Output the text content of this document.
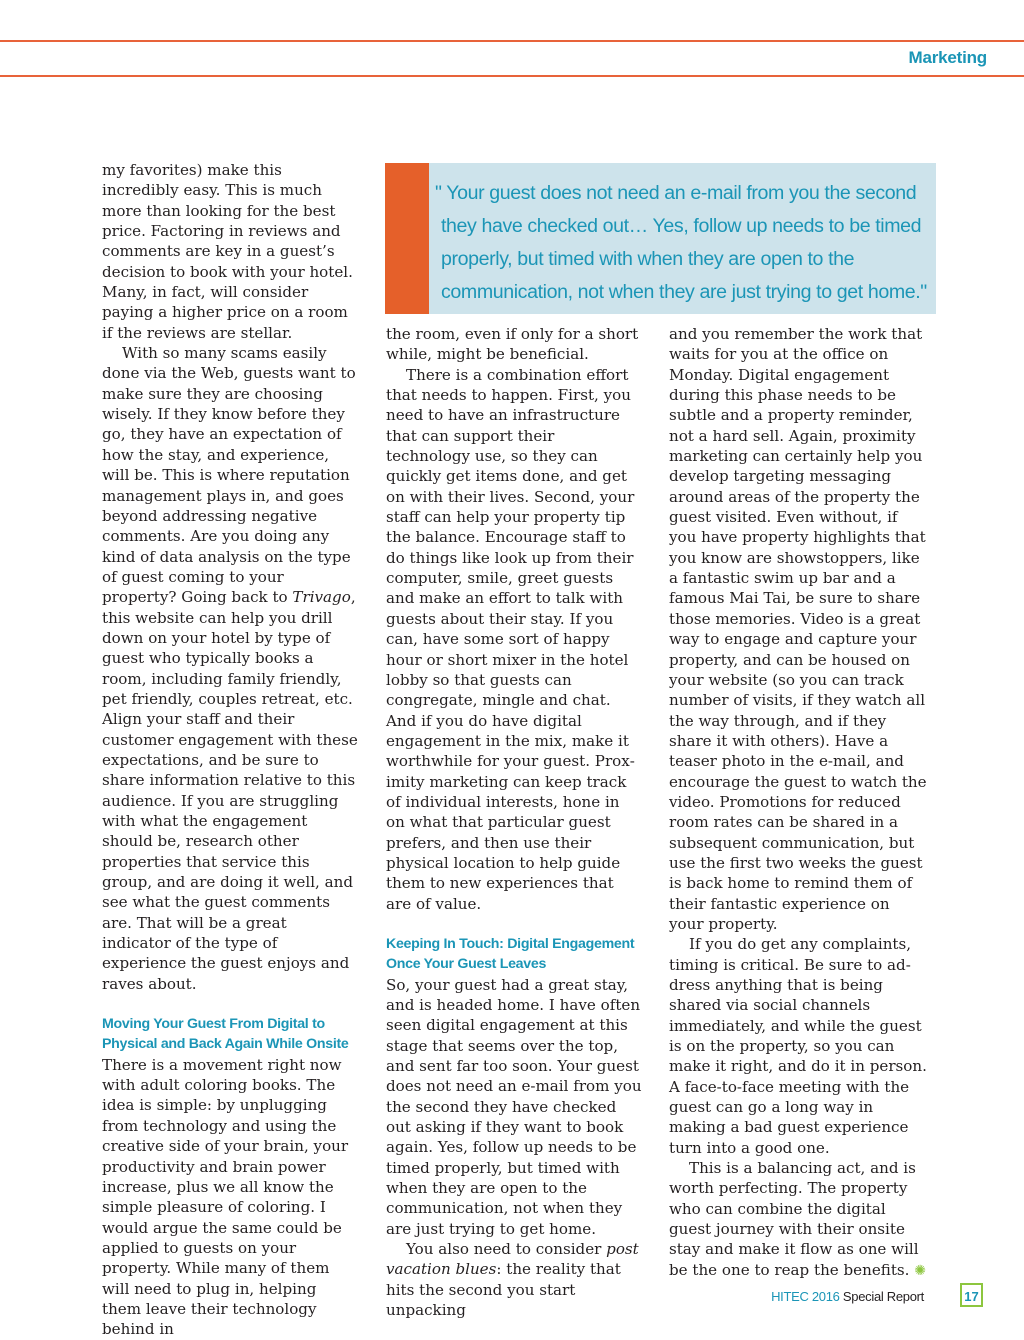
Marketing
" Your guest does not need an e-mail from you the second
they have checked out… Yes, follow up needs to be timed
properly, but timed with when they are open to the
communication, not when they are just trying to get home."

my favorites) make this incredibly easy. This is much more than looking for the best price. Factoring in reviews and comments are key in a guest’s decision to book with your hotel. Many, in fact, will consider paying a higher price on a room if the reviews are stellar.

With so many scams easily done via the Web, guests want to make sure they are choosing wisely. If they know before they go, they have an expectation of how the stay, and experience, will be. This is where reputation management plays in, and goes beyond addressing negative comments. Are you doing any kind of data analysis on the type of guest coming to your property? Going back to Trivago, this website can help you drill down on your hotel by type of guest who typically books a room, including family friendly, pet friendly, couples retreat, etc. Align your staff and their customer engagement with these expectations, and be sure to share information relative to this audience. If you are struggling with what the engagement should be, research other properties that service this group, and are doing it well, and see what the guest comments are. That will be a great indicator of the type of experience the guest enjoys and raves about.

Moving Your Guest From Digital to Physical and Back Again While Onsite

There is a movement right now with adult coloring books. The idea is simple: by unplugging from technology and using the creative side of your brain, your productivity and brain power increase, plus we all know the simple pleasure of coloring. I would argue the same could be applied to guests on your property. While many of them will need to plug in, helping them leave their technology behind in

the room, even if only for a short while, might be beneficial.

There is a combination effort that needs to happen. First, you need to have an infrastructure that can support their technology use, so they can quickly get items done, and get on with their lives. Second, your staff can help your property tip the balance. Encourage staff to do things like look up from their computer, smile, greet guests and make an effort to talk with guests about their stay. If you can, have some sort of happy hour or short mixer in the hotel lobby so that guests can congregate, mingle and chat. And if you do have digital engagement in the mix, make it worthwhile for your guest. Proximity marketing can keep track of individual interests, hone in on what that particular guest prefers, and then use their physical location to help guide them to new experiences that are of value.

Keeping In Touch: Digital Engagement Once Your Guest Leaves

So, your guest had a great stay, and is headed home. I have often seen digital engagement at this stage that seems over the top, and sent far too soon. Your guest does not need an e-mail from you the second they have checked out asking if they want to book again. Yes, follow up needs to be timed properly, but timed with when they are open to the communication, not when they are just trying to get home.

You also need to consider post vacation blues: the reality that hits the second you start unpacking

and you remember the work that waits for you at the office on Monday. Digital engagement during this phase needs to be subtle and a property reminder, not a hard sell. Again, proximity marketing can certainly help you develop targeting messaging around areas of the property the guest visited. Even without, if you have property highlights that you know are showstoppers, like a fantastic swim up bar and a famous Mai Tai, be sure to share those memories. Video is a great way to engage and capture your property, and can be housed on your website (so you can track number of visits, if they watch all the way through, and if they share it with others). Have a teaser photo in the e-mail, and encourage the guest to watch the video. Promotions for reduced room rates can be shared in a subsequent communication, but use the first two weeks the guest is back home to remind them of their fantastic experience on your property.

If you do get any complaints, timing is critical. Be sure to address anything that is being shared via social channels immediately, and while the guest is on the property, so you can make it right, and do it in person. A face-to-face meeting with the guest can go a long way in making a bad guest experience turn into a good one.

This is a balancing act, and is worth perfecting. The property who can combine the digital guest journey with their onsite stay and make it flow as one will be the one to reap the benefits. ✺

HITEC 2016 Special Report	17
